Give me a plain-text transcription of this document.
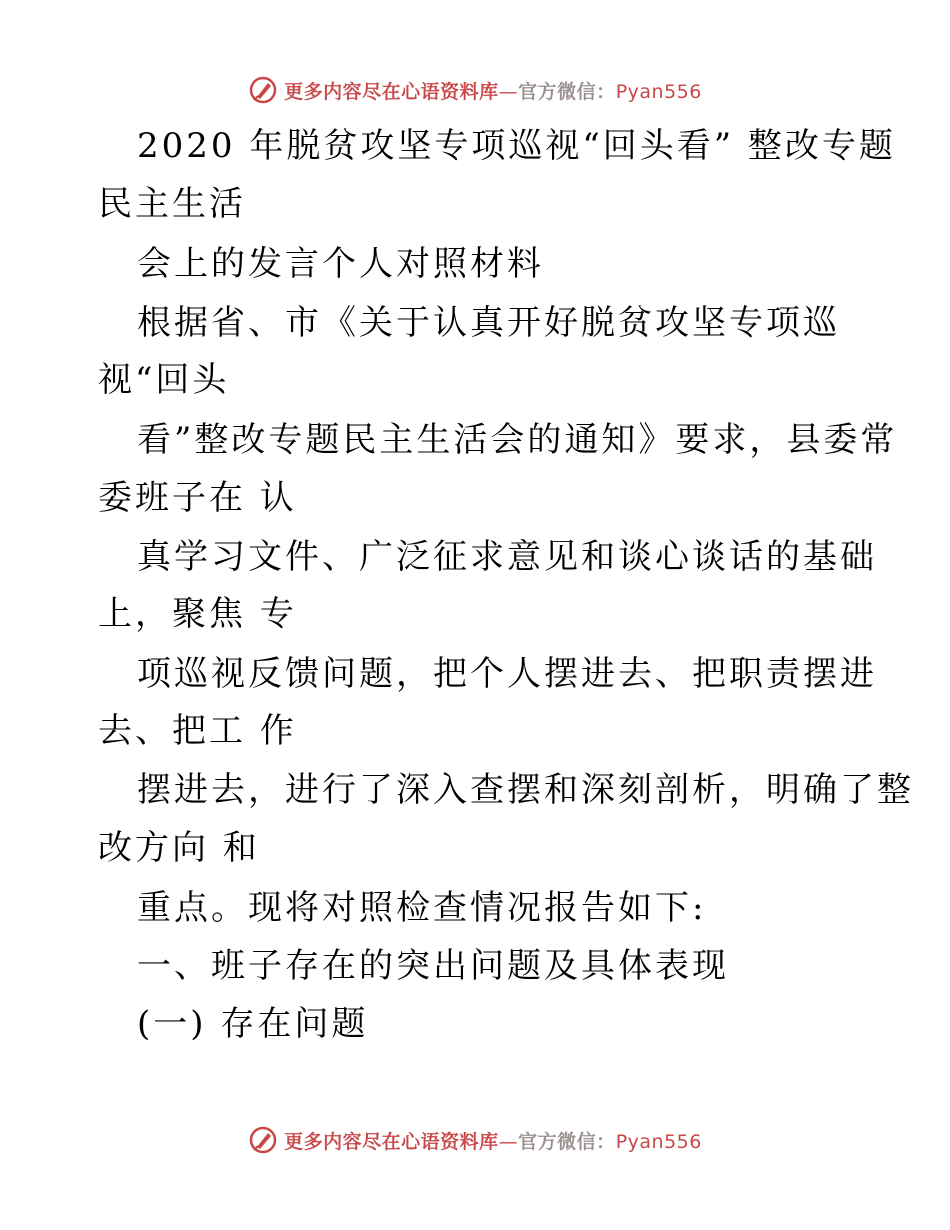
更多内容尽在心语资料库—官方微信：Pyan556
2020 年脱贫攻坚专项巡视“回头看” 整改专题
民主生活
会上的发言个人对照材料
根据省、市《关于认真开好脱贫攻坚专项巡
视“回头
看”整改专题民主生活会的通知》要求，县委常
委班子在 认
真学习文件、广泛征求意见和谈心谈话的基础
上，聚焦 专
项巡视反馈问题，把个人摆进去、把职责摆进
去、把工 作
摆进去，进行了深入查摆和深刻剖析，明确了整
改方向 和
重点。现将对照检查情况报告如下:
一、班子存在的突出问题及具体表现
(一) 存在问题
更多内容尽在心语资料库—官方微信：Pyan556
